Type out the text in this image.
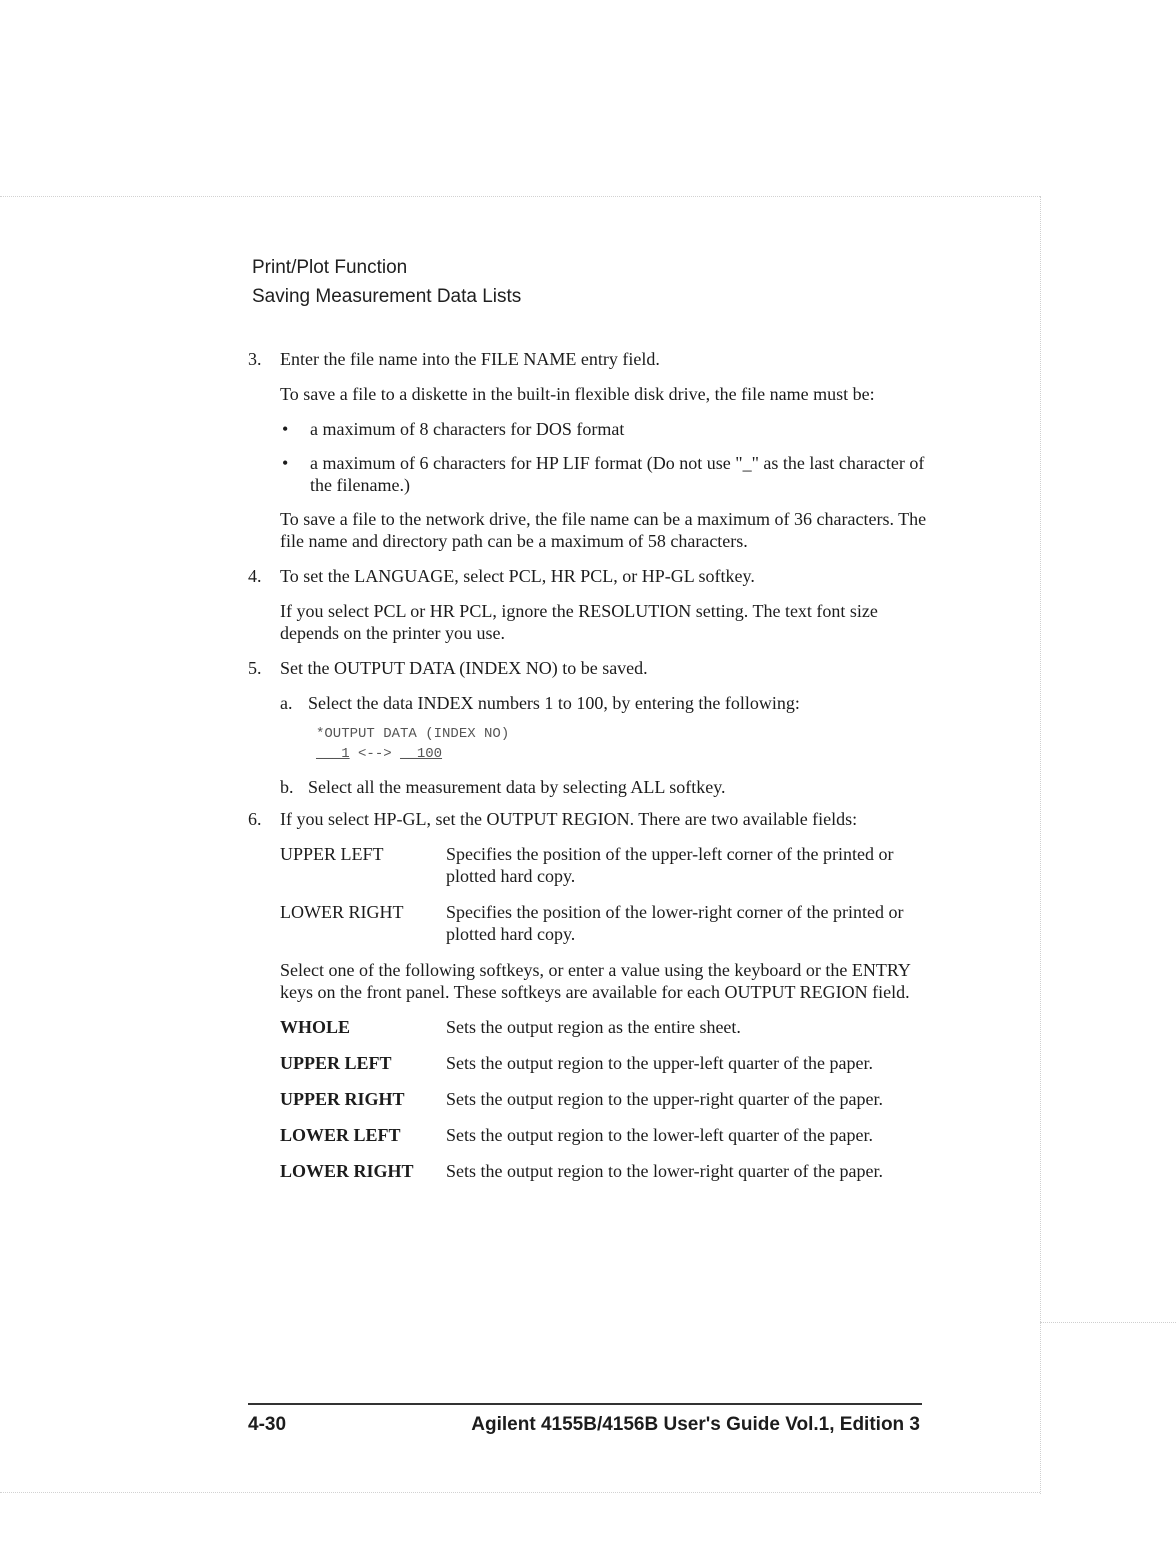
Print/Plot Function
Saving Measurement Data Lists
3. Enter the file name into the FILE NAME entry field.

To save a file to a diskette in the built-in flexible disk drive, the file name must be:

• a maximum of 8 characters for DOS format
• a maximum of 6 characters for HP LIF format (Do not use "_" as the last character of the filename.)

To save a file to the network drive, the file name can be a maximum of 36 characters. The file name and directory path can be a maximum of 58 characters.

4. To set the LANGUAGE, select PCL, HR PCL, or HP-GL softkey.

If you select PCL or HR PCL, ignore the RESOLUTION setting. The text font size depends on the printer you use.

5. Set the OUTPUT DATA (INDEX NO) to be saved.

a. Select the data INDEX numbers 1 to 100, by entering the following:
*OUTPUT DATA (INDEX NO)
___1 <--> __100
b. Select all the measurement data by selecting ALL softkey.
6. If you select HP-GL, set the OUTPUT REGION. There are two available fields:

UPPER LEFT	Specifies the position of the upper-left corner of the printed or plotted hard copy.
LOWER RIGHT	Specifies the position of the lower-right corner of the printed or plotted hard copy.

Select one of the following softkeys, or enter a value using the keyboard or the ENTRY keys on the front panel. These softkeys are available for each OUTPUT REGION field.

WHOLE	Sets the output region as the entire sheet.
UPPER LEFT	Sets the output region to the upper-left quarter of the paper.
UPPER RIGHT	Sets the output region to the upper-right quarter of the paper.
LOWER LEFT	Sets the output region to the lower-left quarter of the paper.
LOWER RIGHT	Sets the output region to the lower-right quarter of the paper.
4-30	Agilent 4155B/4156B User's Guide Vol.1, Edition 3
